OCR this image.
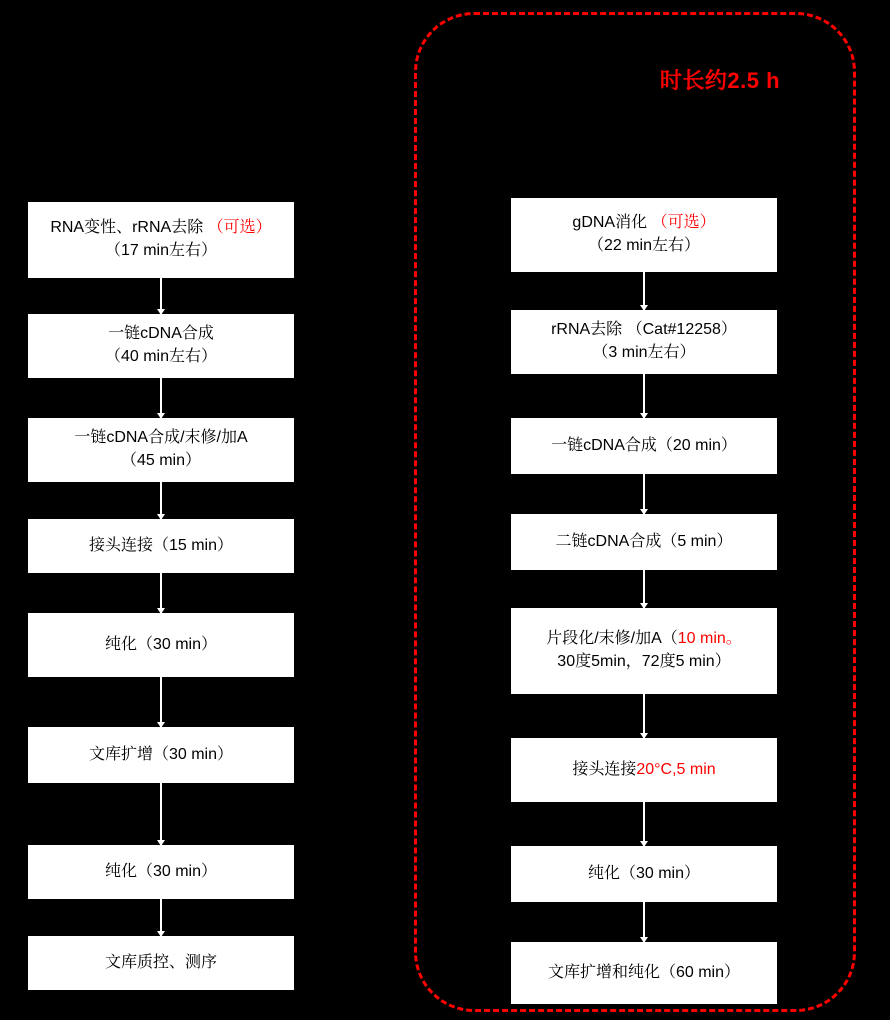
时长约2.5 h
RNA变性、rRNA去除 （可选）
（17 min左右）
一链cDNA合成
（40 min左右）
一链cDNA合成/末修/加A
（45 min）
接头连接（15 min）
纯化（30 min）
文库扩增（30 min）
纯化（30 min）
文库质控、测序
gDNA消化 （可选）
（22 min左右）
rRNA去除 （Cat#12258）
（3 min左右）
一链cDNA合成（20 min）
二链cDNA合成（5 min）
片段化/末修/加A（10 min。
30度5min，72度5 min）
接头连接20°C,5 min
纯化（30 min）
文库扩增和纯化（60 min）
